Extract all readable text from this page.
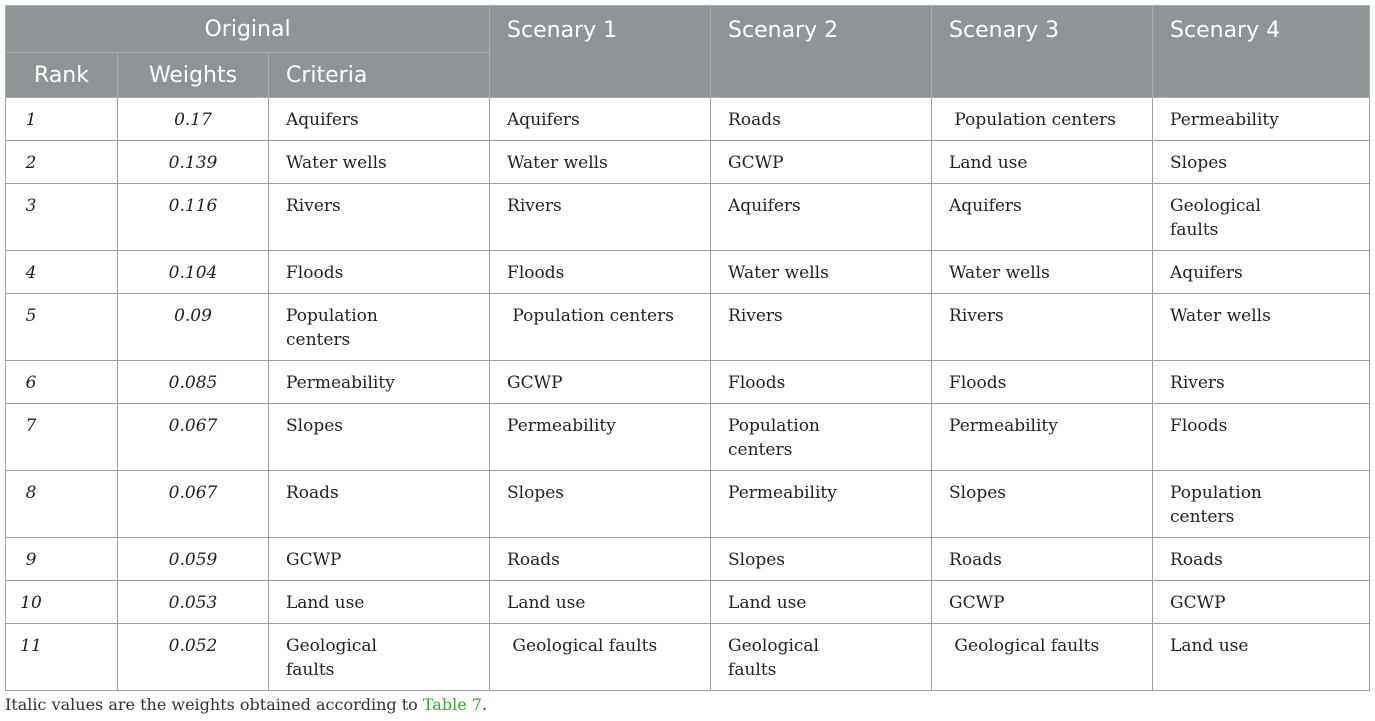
Original			Scenary 1	Scenary 2	Scenary 3	Scenary 4
Rank	Weights	Criteria				
1	0.17	Aquifers	Aquifers	Roads	Population centers	Permeability
2	0.139	Water wells	Water wells	GCWP	Land use	Slopes
3	0.116	Rivers	Rivers	Aquifers	Aquifers	Geological faults
4	0.104	Floods	Floods	Water wells	Water wells	Aquifers
5	0.09	Population centers	Population centers	Rivers	Rivers	Water wells
6	0.085	Permeability	GCWP	Floods	Floods	Rivers
7	0.067	Slopes	Permeability	Population centers	Permeability	Floods
8	0.067	Roads	Slopes	Permeability	Slopes	Population centers
9	0.059	GCWP	Roads	Slopes	Roads	Roads
10	0.053	Land use	Land use	Land use	GCWP	GCWP
11	0.052	Geological faults	Geological faults	Geological faults	Geological faults	Land use
Italic values are the weights obtained according to Table 7.
